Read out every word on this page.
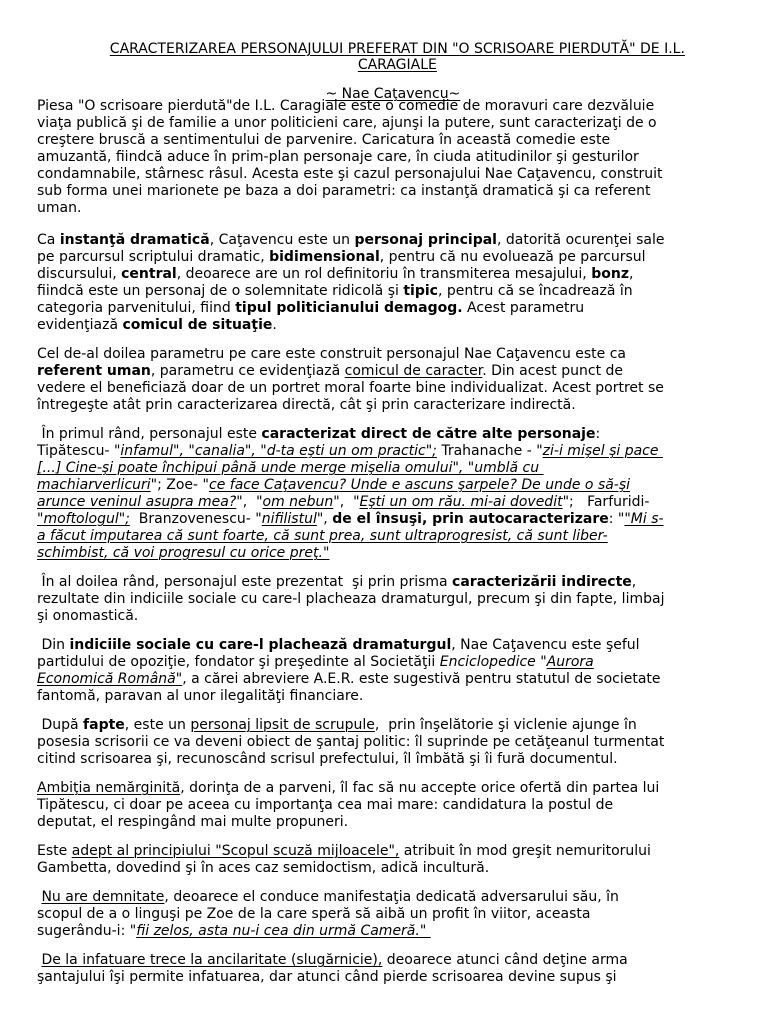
CARACTERIZAREA PERSONAJULUI PREFERAT DIN "O SCRISOARE PIERDUTĂ" DE I.L.

CARAGIALE

~ Nae Caţavencu~

Piesa "O scrisoare pierdută"de I.L. Caragiale este o comedie de moravuri care dezvăluie
viaţa publică şi de familie a unor politicieni care, ajunşi la putere, sunt caracterizaţi de o
creştere bruscă a sentimentului de parvenire. Caricatura în această comedie este
amuzantă, fiindcă aduce în prim-plan personaje care, în ciuda atitudinilor şi gesturilor
condamnabile, stârnesc râsul. Acesta este şi cazul personajului Nae Caţavencu, construit
sub forma unei marionete pe baza a doi parametri: ca instanţă dramatică şi ca referent
uman.

Ca instanţă dramatică, Caţavencu este un personaj principal, datorită ocurenţei sale
pe parcursul scriptului dramatic, bidimensional, pentru că nu evoluează pe parcursul
discursului, central, deoarece are un rol definitoriu în transmiterea mesajului, bonz,
fiindcă este un personaj de o solemnitate ridicolă şi tipic, pentru că se încadrează în
categoria parvenitului, fiind tipul politicianului demagog. Acest parametru
evidenţiază comicul de situaţie.

Cel de-al doilea parametru pe care este construit personajul Nae Caţavencu este ca
referent uman, parametru ce evidenţiază comicul de caracter. Din acest punct de
vedere el beneficiază doar de un portret moral foarte bine individualizat. Acest portret se
întregeşte atât prin caracterizarea directă, cât şi prin caracterizare indirectă.

În primul rând, personajul este caracterizat direct de către alte personaje:
Tipătescu- "infamul", "canalia", "d-ta eşti un om practic"; Trahanache - "zi-i mişel şi pace
[...] Cine-şi poate închipui până unde merge mişelia omului", "umblă cu
machiarverlicuri"; Zoe- "ce face Caţavencu? Unde e ascuns şarpele? De unde o să-şi
arunce veninul asupra mea?",  "om nebun",  "Eşti un om rău. mi-ai dovedit";   Farfuridi-
"moftologul";  Branzovenescu- "nifilistul", de el însuşi, prin autocaracterizare: ""Mi s-
a făcut imputarea că sunt foarte, că sunt prea, sunt ultraprogresist, că sunt liber-
schimbist, că voi progresul cu orice preţ."

În al doilea rând, personajul este prezentat  şi prin prisma caracterizării indirecte,
rezultate din indiciile sociale cu care-l placheaza dramaturgul, precum şi din fapte, limbaj
şi onomastică.

Din indiciile sociale cu care-l plachează dramaturgul, Nae Caţavencu este şeful
partidului de opoziţie, fondator şi preşedinte al Societăţii Enciclopedice "Aurora
Economică Română", a cărei abreviere A.E.R. este sugestivă pentru statutul de societate
fantomă, paravan al unor ilegalităţi financiare.

După fapte, este un personaj lipsit de scrupule,  prin înşelătorie şi viclenie ajunge în
posesia scrisorii ce va deveni obiect de şantaj politic: îl suprinde pe cetăţeanul turmentat
citind scrisoarea şi, recunoscând scrisul prefectului, îl îmbătă şi îi fură documentul.

Ambiţia nemărginită, dorinţa de a parveni, îl fac să nu accepte orice ofertă din partea lui
Tipătescu, ci doar pe aceea cu importanţa cea mai mare: candidatura la postul de
deputat, el respingând mai multe propuneri.

Este adept al principiului "Scopul scuză mijloacele", atribuit în mod greşit nemuritorului
Gambetta, dovedind şi în aces caz semidoctism, adică incultură.

Nu are demnitate, deoarece el conduce manifestaţia dedicată adversarului său, în
scopul de a o linguşi pe Zoe de la care speră să aibă un profit în viitor, aceasta
sugerându-i: "fii zelos, asta nu-i cea din urmă Cameră."

De la infatuare trece la ancilaritate (slugărnicie), deoarece atunci când deţine arma
şantajului îşi permite infatuarea, dar atunci când pierde scrisoarea devine supus şi
